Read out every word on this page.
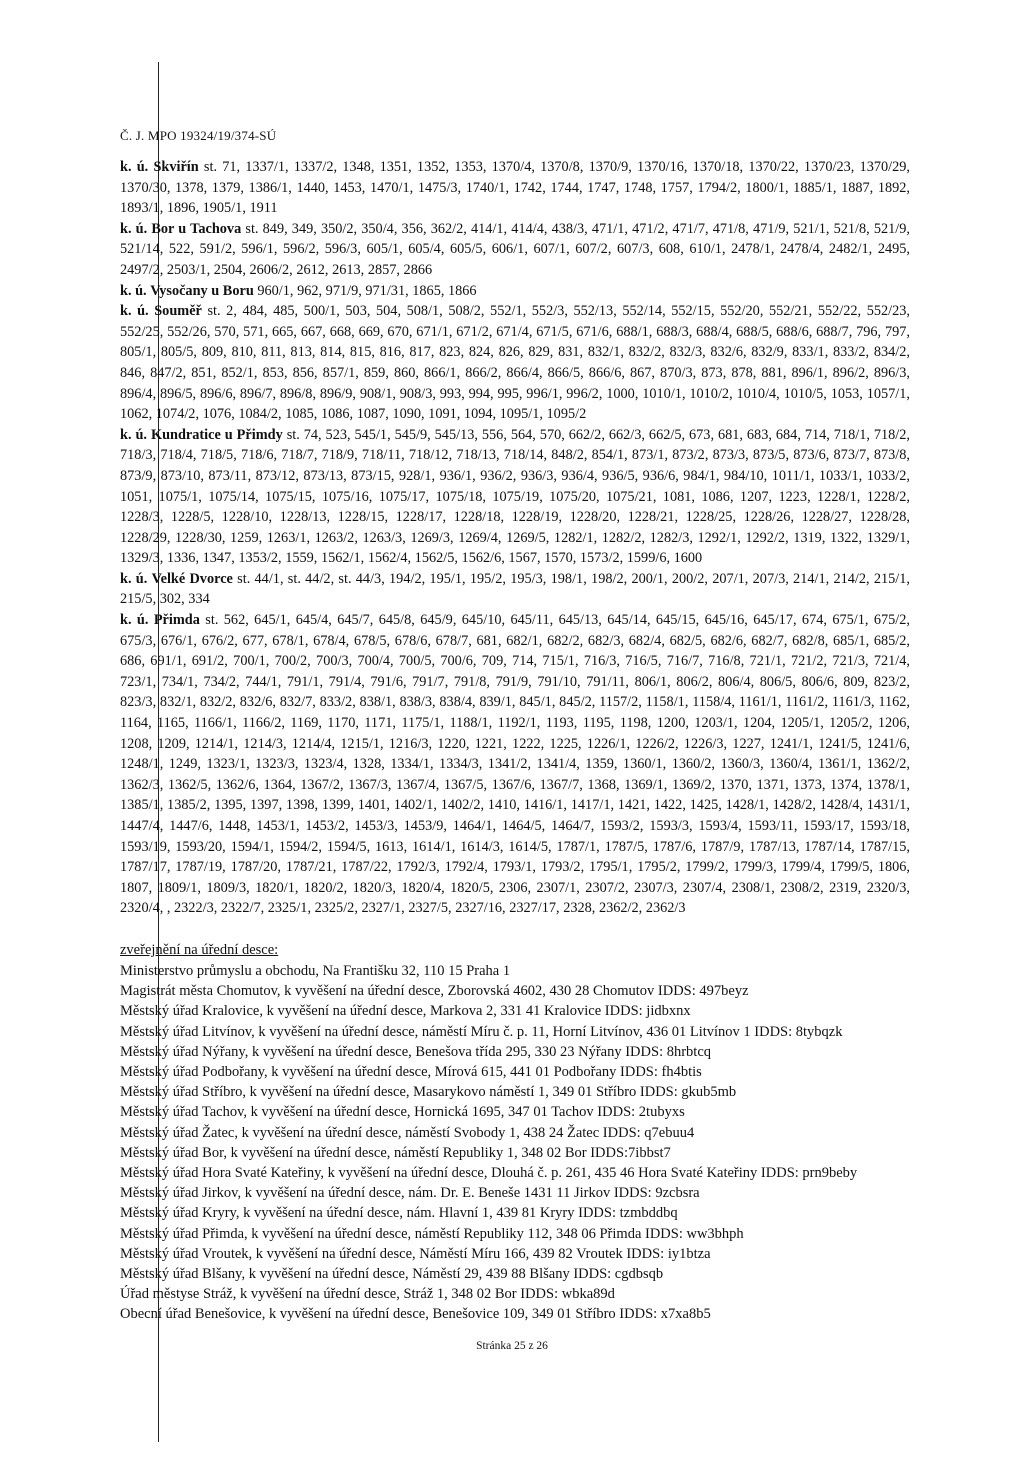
Č. J. MPO 19324/19/374-SÚ

k. ú. Skviřín st. 71, 1337/1, 1337/2, 1348, 1351, 1352, 1353, 1370/4, 1370/8, 1370/9, 1370/16, 1370/18, 1370/22, 1370/23, 1370/29, 1370/30, 1378, 1379, 1386/1, 1440, 1453, 1470/1, 1475/3, 1740/1, 1742, 1744, 1747, 1748, 1757, 1794/2, 1800/1, 1885/1, 1887, 1892, 1893/1, 1896, 1905/1, 1911

k. ú. Bor u Tachova st. 849, 349, 350/2, 350/4, 356, 362/2, 414/1, 414/4, 438/3, 471/1, 471/2, 471/7, 471/8, 471/9, 521/1, 521/8, 521/9, 521/14, 522, 591/2, 596/1, 596/2, 596/3, 605/1, 605/4, 605/5, 606/1, 607/1, 607/2, 607/3, 608, 610/1, 2478/1, 2478/4, 2482/1, 2495, 2497/2, 2503/1, 2504, 2606/2, 2612, 2613, 2857, 2866

k. ú. Vysočany u Boru 960/1, 962, 971/9, 971/31, 1865, 1866

k. ú. Souměř st. 2, 484, 485, 500/1, 503, 504, 508/1, 508/2, 552/1, 552/3, 552/13, 552/14, 552/15, 552/20, 552/21, 552/22, 552/23, 552/25, 552/26, 570, 571, 665, 667, 668, 669, 670, 671/1, 671/2, 671/4, 671/5, 671/6, 688/1, 688/3, 688/4, 688/5, 688/6, 688/7, 796, 797, 805/1, 805/5, 809, 810, 811, 813, 814, 815, 816, 817, 823, 824, 826, 829, 831, 832/1, 832/2, 832/3, 832/6, 832/9, 833/1, 833/2, 834/2, 846, 847/2, 851, 852/1, 853, 856, 857/1, 859, 860, 866/1, 866/2, 866/4, 866/5, 866/6, 867, 870/3, 873, 878, 881, 896/1, 896/2, 896/3, 896/4, 896/5, 896/6, 896/7, 896/8, 896/9, 908/1, 908/3, 993, 994, 995, 996/1, 996/2, 1000, 1010/1, 1010/2, 1010/4, 1010/5, 1053, 1057/1, 1062, 1074/2, 1076, 1084/2, 1085, 1086, 1087, 1090, 1091, 1094, 1095/1, 1095/2

k. ú. Kundratice u Přimdy st. 74, 523, 545/1, 545/9, 545/13, 556, 564, 570, 662/2, 662/3, 662/5, 673, 681, 683, 684, 714, 718/1, 718/2, 718/3, 718/4, 718/5, 718/6, 718/7, 718/9, 718/11, 718/12, 718/13, 718/14, 848/2, 854/1, 873/1, 873/2, 873/3, 873/5, 873/6, 873/7, 873/8, 873/9, 873/10, 873/11, 873/12, 873/13, 873/15, 928/1, 936/1, 936/2, 936/3, 936/4, 936/5, 936/6, 984/1, 984/10, 1011/1, 1033/1, 1033/2, 1051, 1075/1, 1075/14, 1075/15, 1075/16, 1075/17, 1075/18, 1075/19, 1075/20, 1075/21, 1081, 1086, 1207, 1223, 1228/1, 1228/2, 1228/3, 1228/5, 1228/10, 1228/13, 1228/15, 1228/17, 1228/18, 1228/19, 1228/20, 1228/21, 1228/25, 1228/26, 1228/27, 1228/28, 1228/29, 1228/30, 1259, 1263/1, 1263/2, 1263/3, 1269/3, 1269/4, 1269/5, 1282/1, 1282/2, 1282/3, 1292/1, 1292/2, 1319, 1322, 1329/1, 1329/3, 1336, 1347, 1353/2, 1559, 1562/1, 1562/4, 1562/5, 1562/6, 1567, 1570, 1573/2, 1599/6, 1600

k. ú. Velké Dvorce st. 44/1, st. 44/2, st. 44/3, 194/2, 195/1, 195/2, 195/3, 198/1, 198/2, 200/1, 200/2, 207/1, 207/3, 214/1, 214/2, 215/1, 215/5, 302, 334

k. ú. Přimda st. 562, 645/1, 645/4, 645/7, 645/8, 645/9, 645/10, 645/11, 645/13, 645/14, 645/15, 645/16, 645/17, 674, 675/1, 675/2, 675/3, 676/1, 676/2, 677, 678/1, 678/4, 678/5, 678/6, 678/7, 681, 682/1, 682/2, 682/3, 682/4, 682/5, 682/6, 682/7, 682/8, 685/1, 685/2, 686, 691/1, 691/2, 700/1, 700/2, 700/3, 700/4, 700/5, 700/6, 709, 714, 715/1, 716/3, 716/5, 716/7, 716/8, 721/1, 721/2, 721/3, 721/4, 723/1, 734/1, 734/2, 744/1, 791/1, 791/4, 791/6, 791/7, 791/8, 791/9, 791/10, 791/11, 806/1, 806/2, 806/4, 806/5, 806/6, 809, 823/2, 823/3, 832/1, 832/2, 832/6, 832/7, 833/2, 838/1, 838/3, 838/4, 839/1, 845/1, 845/2, 1157/2, 1158/1, 1158/4, 1161/1, 1161/2, 1161/3, 1162, 1164, 1165, 1166/1, 1166/2, 1169, 1170, 1171, 1175/1, 1188/1, 1192/1, 1193, 1195, 1198, 1200, 1203/1, 1204, 1205/1, 1205/2, 1206, 1208, 1209, 1214/1, 1214/3, 1214/4, 1215/1, 1216/3, 1220, 1221, 1222, 1225, 1226/1, 1226/2, 1226/3, 1227, 1241/1, 1241/5, 1241/6, 1248/1, 1249, 1323/1, 1323/3, 1323/4, 1328, 1334/1, 1334/3, 1341/2, 1341/4, 1359, 1360/1, 1360/2, 1360/3, 1360/4, 1361/1, 1362/2, 1362/3, 1362/5, 1362/6, 1364, 1367/2, 1367/3, 1367/4, 1367/5, 1367/6, 1367/7, 1368, 1369/1, 1369/2, 1370, 1371, 1373, 1374, 1378/1, 1385/1, 1385/2, 1395, 1397, 1398, 1399, 1401, 1402/1, 1402/2, 1410, 1416/1, 1417/1, 1421, 1422, 1425, 1428/1, 1428/2, 1428/4, 1431/1, 1447/4, 1447/6, 1448, 1453/1, 1453/2, 1453/3, 1453/9, 1464/1, 1464/5, 1464/7, 1593/2, 1593/3, 1593/4, 1593/11, 1593/17, 1593/18, 1593/19, 1593/20, 1594/1, 1594/2, 1594/5, 1613, 1614/1, 1614/3, 1614/5, 1787/1, 1787/5, 1787/6, 1787/9, 1787/13, 1787/14, 1787/15, 1787/17, 1787/19, 1787/20, 1787/21, 1787/22, 1792/3, 1792/4, 1793/1, 1793/2, 1795/1, 1795/2, 1799/2, 1799/3, 1799/4, 1799/5, 1806, 1807, 1809/1, 1809/3, 1820/1, 1820/2, 1820/3, 1820/4, 1820/5, 2306, 2307/1, 2307/2, 2307/3, 2307/4, 2308/1, 2308/2, 2319, 2320/3, 2320/4, , 2322/3, 2322/7, 2325/1, 2325/2, 2327/1, 2327/5, 2327/16, 2327/17, 2328, 2362/2, 2362/3

zveřejnění na úřední desce:
Ministerstvo průmyslu a obchodu, Na Františku 32, 110 15 Praha 1
Magistrát města Chomutov, k vyvěšení na úřední desce, Zborovská 4602, 430 28 Chomutov IDDS: 497beyz
Městský úřad Kralovice, k vyvěšení na úřední desce, Markova 2, 331 41 Kralovice IDDS: jidbxnx
Městský úřad Litvínov, k vyvěšení na úřední desce, náměstí Míru č. p. 11, Horní Litvínov, 436 01 Litvínov 1 IDDS: 8tybqzk
Městský úřad Nýřany, k vyvěšení na úřední desce, Benešova třída 295, 330 23 Nýřany IDDS: 8hrbtcq
Městský úřad Podbořany, k vyvěšení na úřední desce, Mírová 615, 441 01 Podbořany IDDS: fh4btis
Městský úřad Stříbro, k vyvěšení na úřední desce, Masarykovo náměstí 1, 349 01 Stříbro IDDS: gkub5mb
Městský úřad Tachov, k vyvěšení na úřední desce, Hornická 1695, 347 01 Tachov IDDS: 2tubyxs
Městský úřad Žatec, k vyvěšení na úřední desce, náměstí Svobody 1, 438 24 Žatec IDDS: q7ebuu4
Městský úřad Bor, k vyvěšení na úřední desce, náměstí Republiky 1, 348 02 Bor IDDS:7ibbst7
Městský úřad Hora Svaté Kateřiny, k vyvěšení na úřední desce, Dlouhá č. p. 261, 435 46 Hora Svaté Kateřiny IDDS: prn9beby
Městský úřad Jirkov, k vyvěšení na úřední desce, nám. Dr. E. Beneše 1431 11 Jirkov IDDS: 9zcbsra
Městský úřad Kryry, k vyvěšení na úřední desce, nám. Hlavní 1, 439 81 Kryry IDDS: tzmbddbq
Městský úřad Přimda, k vyvěšení na úřední desce, náměstí Republiky 112, 348 06 Přimda IDDS: ww3bhph
Městský úřad Vroutek, k vyvěšení na úřední desce, Náměstí Míru 166, 439 82 Vroutek IDDS: iy1btza
Městský úřad Blšany, k vyvěšení na úřední desce, Náměstí 29, 439 88 Blšany IDDS: cgdbsqb
Úřad městyse Stráž, k vyvěšení na úřední desce, Stráž 1, 348 02 Bor IDDS: wbka89d
Obecní úřad Benešovice, k vyvěšení na úřední desce, Benešovice 109, 349 01 Stříbro IDDS: x7xa8b5
Stránka 25 z 26
